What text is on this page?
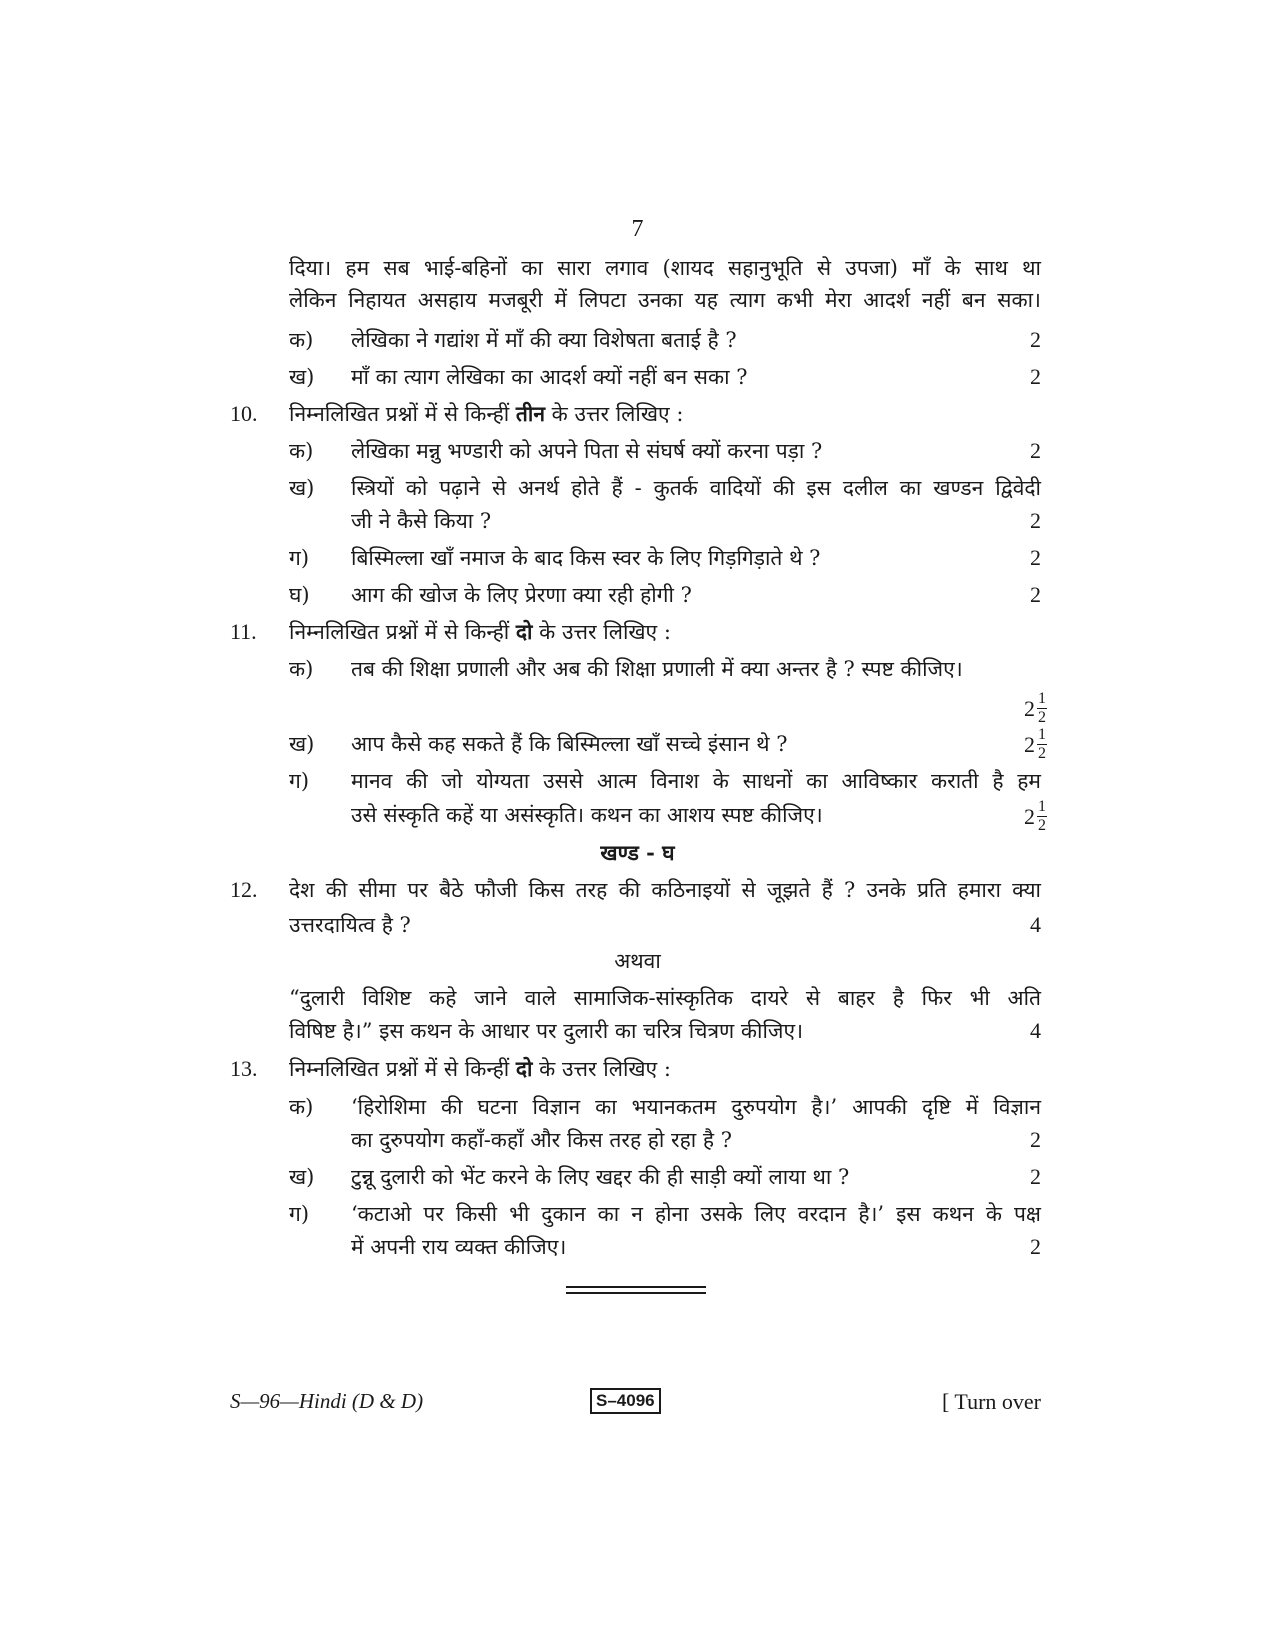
7
दिया। हम सब भाई-बहिनों का सारा लगाव (शायद सहानुभूति से उपजा) माँ के साथ था
लेकिन निहायत असहाय मजबूरी में लिपटा उनका यह त्याग कभी मेरा आदर्श नहीं बन सका।
क) लेखिका ने गद्यांश में माँ की क्या विशेषता बताई है ?	2
ख) माँ का त्याग लेखिका का आदर्श क्यों नहीं बन सका ?	2
10. निम्नलिखित प्रश्नों में से किन्हीं तीन के उत्तर लिखिए :
क) लेखिका मन्नु भण्डारी को अपने पिता से संघर्ष क्यों करना पड़ा ?	2
ख) स्त्रियों को पढ़ाने से अनर्थ होते हैं - कुतर्क वादियों की इस दलील का खण्डन द्विवेदी
जी ने कैसे किया ?	2
ग) बिस्मिल्ला खाँ नमाज के बाद किस स्वर के लिए गिड़गिड़ाते थे ?	2
घ) आग की खोज के लिए प्रेरणा क्या रही होगी ?	2
11. निम्नलिखित प्रश्नों में से किन्हीं दो के उत्तर लिखिए :
क) तब की शिक्षा प्रणाली और अब की शिक्षा प्रणाली में क्या अन्तर है ? स्पष्ट कीजिए।
$2 \frac{1}{2}$
ख) आप कैसे कह सकते हैं कि बिस्मिल्ला खाँ सच्चे इंसान थे ?	$2 \frac{1}{2}$
ग) मानव की जो योग्यता उससे आत्म विनाश के साधनों का आविष्कार कराती है हम
उसे संस्कृति कहें या असंस्कृति। कथन का आशय स्पष्ट कीजिए।	$2 \frac{1}{2}$
खण्ड - घ
12. देश की सीमा पर बैठे फौजी किस तरह की कठिनाइयों से जूझते हैं ? उनके प्रति हमारा क्या
उत्तरदायित्व है ?	4
अथवा
“दुलारी विशिष्ट कहे जाने वाले सामाजिक-सांस्कृतिक दायरे से बाहर है फिर भी अति
विषिष्ट है।” इस कथन के आधार पर दुलारी का चरित्र चित्रण कीजिए।	4
13. निम्नलिखित प्रश्नों में से किन्हीं दो के उत्तर लिखिए :
क) ‘हिरोशिमा की घटना विज्ञान का भयानकतम दुरुपयोग है।’ आपकी दृष्टि में विज्ञान
का दुरुपयोग कहाँ-कहाँ और किस तरह हो रहा है ?	2
ख) टुन्नू दुलारी को भेंट करने के लिए खद्दर की ही साड़ी क्यों लाया था ?	2
ग) ‘कटाओ पर किसी भी दुकान का न होना उसके लिए वरदान है।’ इस कथन के पक्ष
में अपनी राय व्यक्त कीजिए।	2
S—96—Hindi (D & D)	S–4096	[ Turn over
